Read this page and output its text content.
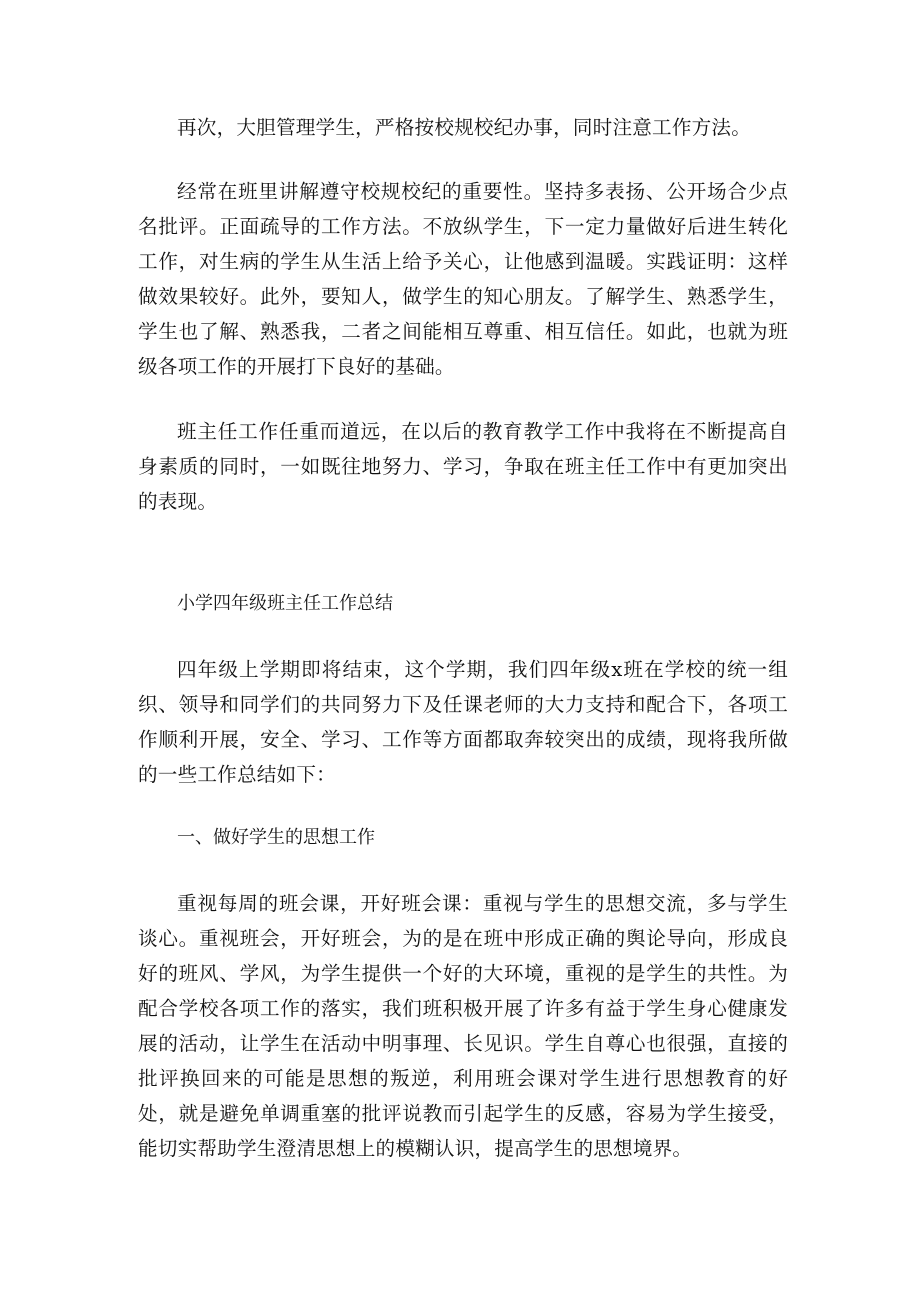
再次，大胆管理学生，严格按校规校纪办事，同时注意工作方法。

经常在班里讲解遵守校规校纪的重要性。坚持多表扬、公开场合少点名批评。正面疏导的工作方法。不放纵学生，下一定力量做好后进生转化工作，对生病的学生从生活上给予关心，让他感到温暖。实践证明：这样做效果较好。此外，要知人，做学生的知心朋友。了解学生、熟悉学生，学生也了解、熟悉我，二者之间能相互尊重、相互信任。如此，也就为班级各项工作的开展打下良好的基础。

班主任工作任重而道远，在以后的教育教学工作中我将在不断提高自身素质的同时，一如既往地努力、学习，争取在班主任工作中有更加突出的表现。

小学四年级班主任工作总结

四年级上学期即将结束，这个学期，我们四年级x班在学校的统一组织、领导和同学们的共同努力下及任课老师的大力支持和配合下，各项工作顺利开展，安全、学习、工作等方面都取奔较突出的成绩，现将我所做的一些工作总结如下：

一、做好学生的思想工作

重视每周的班会课，开好班会课：重视与学生的思想交流，多与学生谈心。重视班会，开好班会，为的是在班中形成正确的舆论导向，形成良好的班风、学风，为学生提供一个好的大环境，重视的是学生的共性。为配合学校各项工作的落实，我们班积极开展了许多有益于学生身心健康发展的活动，让学生在活动中明事理、长见识。学生自尊心也很强，直接的批评换回来的可能是思想的叛逆，利用班会课对学生进行思想教育的好处，就是避免单调重塞的批评说教而引起学生的反感，容易为学生接受，能切实帮助学生澄清思想上的模糊认识，提高学生的思想境界。
